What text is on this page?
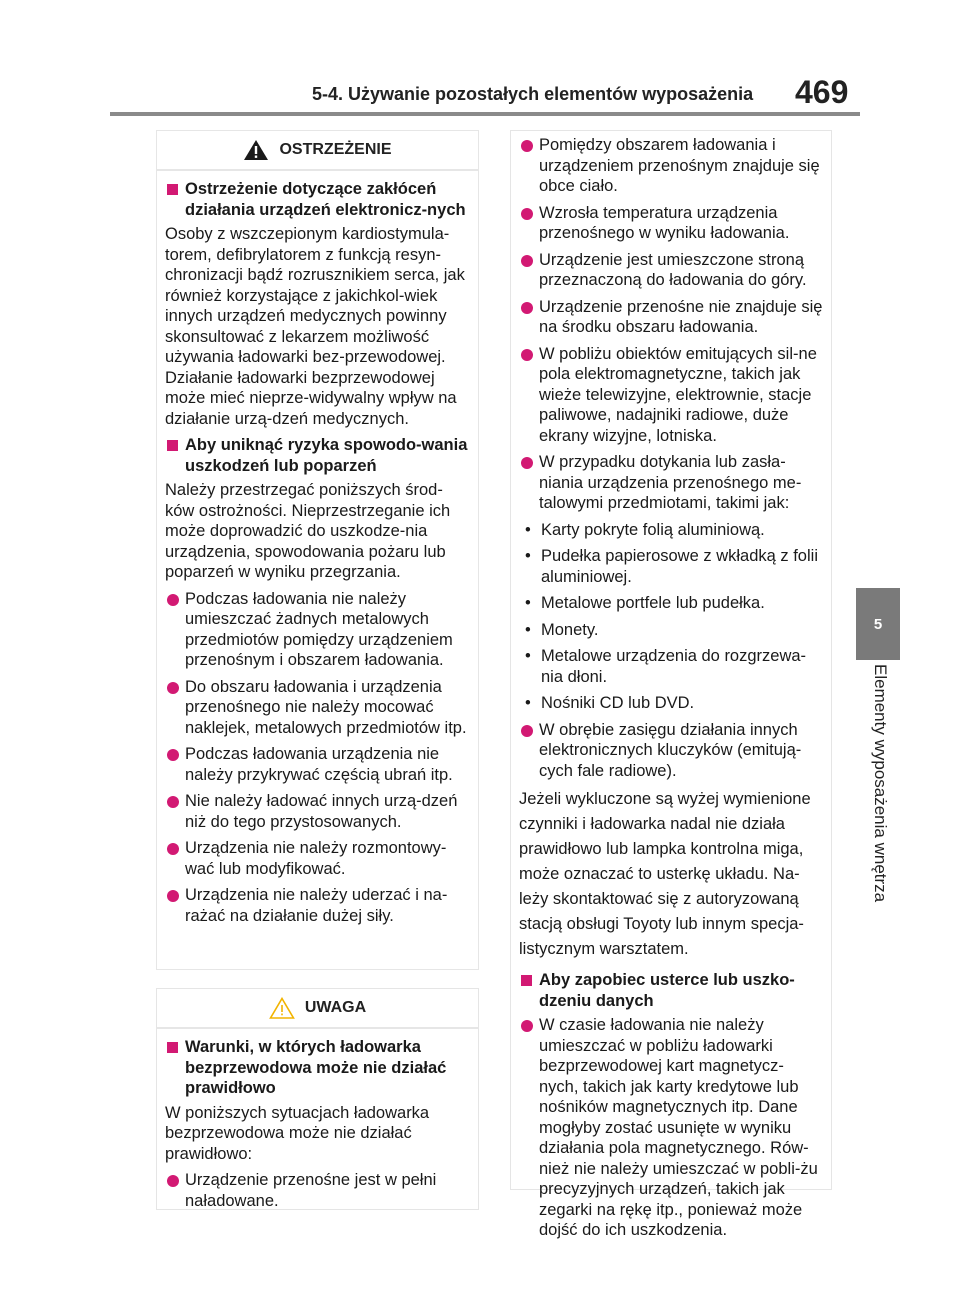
5-4. Używanie pozostałych elementów wyposażenia 469
5
Elementy wyposażenia wnętrza
OSTRZEŻENIE
Ostrzeżenie dotyczące zakłóceń działania urządzeń elektronicz-nych

Osoby z wszczepionym kardiostymula-torem, defibrylatorem z funkcją resyn-chronizacji bądź rozrusznikiem serca, jak również korzystające z jakichkol-wiek innych urządzeń medycznych powinny skonsultować z lekarzem możliwość używania ładowarki bez-przewodowej. Działanie ładowarki bezprzewodowej może mieć nieprze-widywalny wpływ na działanie urzą-dzeń medycznych.

Aby uniknąć ryzyka spowodo-wania uszkodzeń lub poparzeń

Należy przestrzegać poniższych środ-ków ostrożności. Nieprzestrzeganie ich może doprowadzić do uszkodze-nia urządzenia, spowodowania pożaru lub poparzeń w wyniku przegrzania.

Podczas ładowania nie należy umieszczać żadnych metalowych przedmiotów pomiędzy urządzeniem przenośnym i obszarem ładowania.
Do obszaru ładowania i urządzenia przenośnego nie należy mocować naklejek, metalowych przedmiotów itp.
Podczas ładowania urządzenia nie należy przykrywać częścią ubrań itp.
Nie należy ładować innych urzą-dzeń niż do tego przystosowanych.
Urządzenia nie należy rozmontowy-wać lub modyfikować.
Urządzenia nie należy uderzać i na-rażać na działanie dużej siły.
UWAGA
Warunki, w których ładowarka bezprzewodowa może nie działać prawidłowo

W poniższych sytuacjach ładowarka bezprzewodowa może nie działać prawidłowo:

Urządzenie przenośne jest w pełni naładowane.
Pomiędzy obszarem ładowania i urządzeniem przenośnym znajduje się obce ciało.
Wzrosła temperatura urządzenia przenośnego w wyniku ładowania.
Urządzenie jest umieszczone stroną przeznaczoną do ładowania do góry.
Urządzenie przenośne nie znajduje się na środku obszaru ładowania.
W pobliżu obiektów emitujących sil-ne pola elektromagnetyczne, takich jak wieże telewizyjne, elektrownie, stacje paliwowe, nadajniki radiowe, duże ekrany wizyjne, lotniska.
W przypadku dotykania lub zasła-niania urządzenia przenośnego me-talowymi przedmiotami, takimi jak:
• Karty pokryte folią aluminiową.
• Pudełka papierosowe z wkładką z folii aluminiowej.
• Metalowe portfele lub pudełka.
• Monety.
• Metalowe urządzenia do rozgrzewa-nia dłoni.
• Nośniki CD lub DVD.
W obrębie zasięgu działania innych elektronicznych kluczyków (emitują-cych fale radiowe).

Jeżeli wykluczone są wyżej wymienione czynniki i ładowarka nadal nie działa prawidłowo lub lampka kontrolna miga, może oznaczać to usterkę układu. Na-leży skontaktować się z autoryzowaną stacją obsługi Toyoty lub innym specja-listycznym warsztatem.

Aby zapobiec usterce lub uszko-dzeniu danych
W czasie ładowania nie należy umieszczać w pobliżu ładowarki bezprzewodowej kart magnetycz-nych, takich jak karty kredytowe lub nośników magnetycznych itp. Dane mogłyby zostać usunięte w wyniku działania pola magnetycznego. Rów-nież nie należy umieszczać w pobli-żu precyzyjnych urządzeń, takich jak zegarki na rękę itp., ponieważ może dojść do ich uszkodzenia.
